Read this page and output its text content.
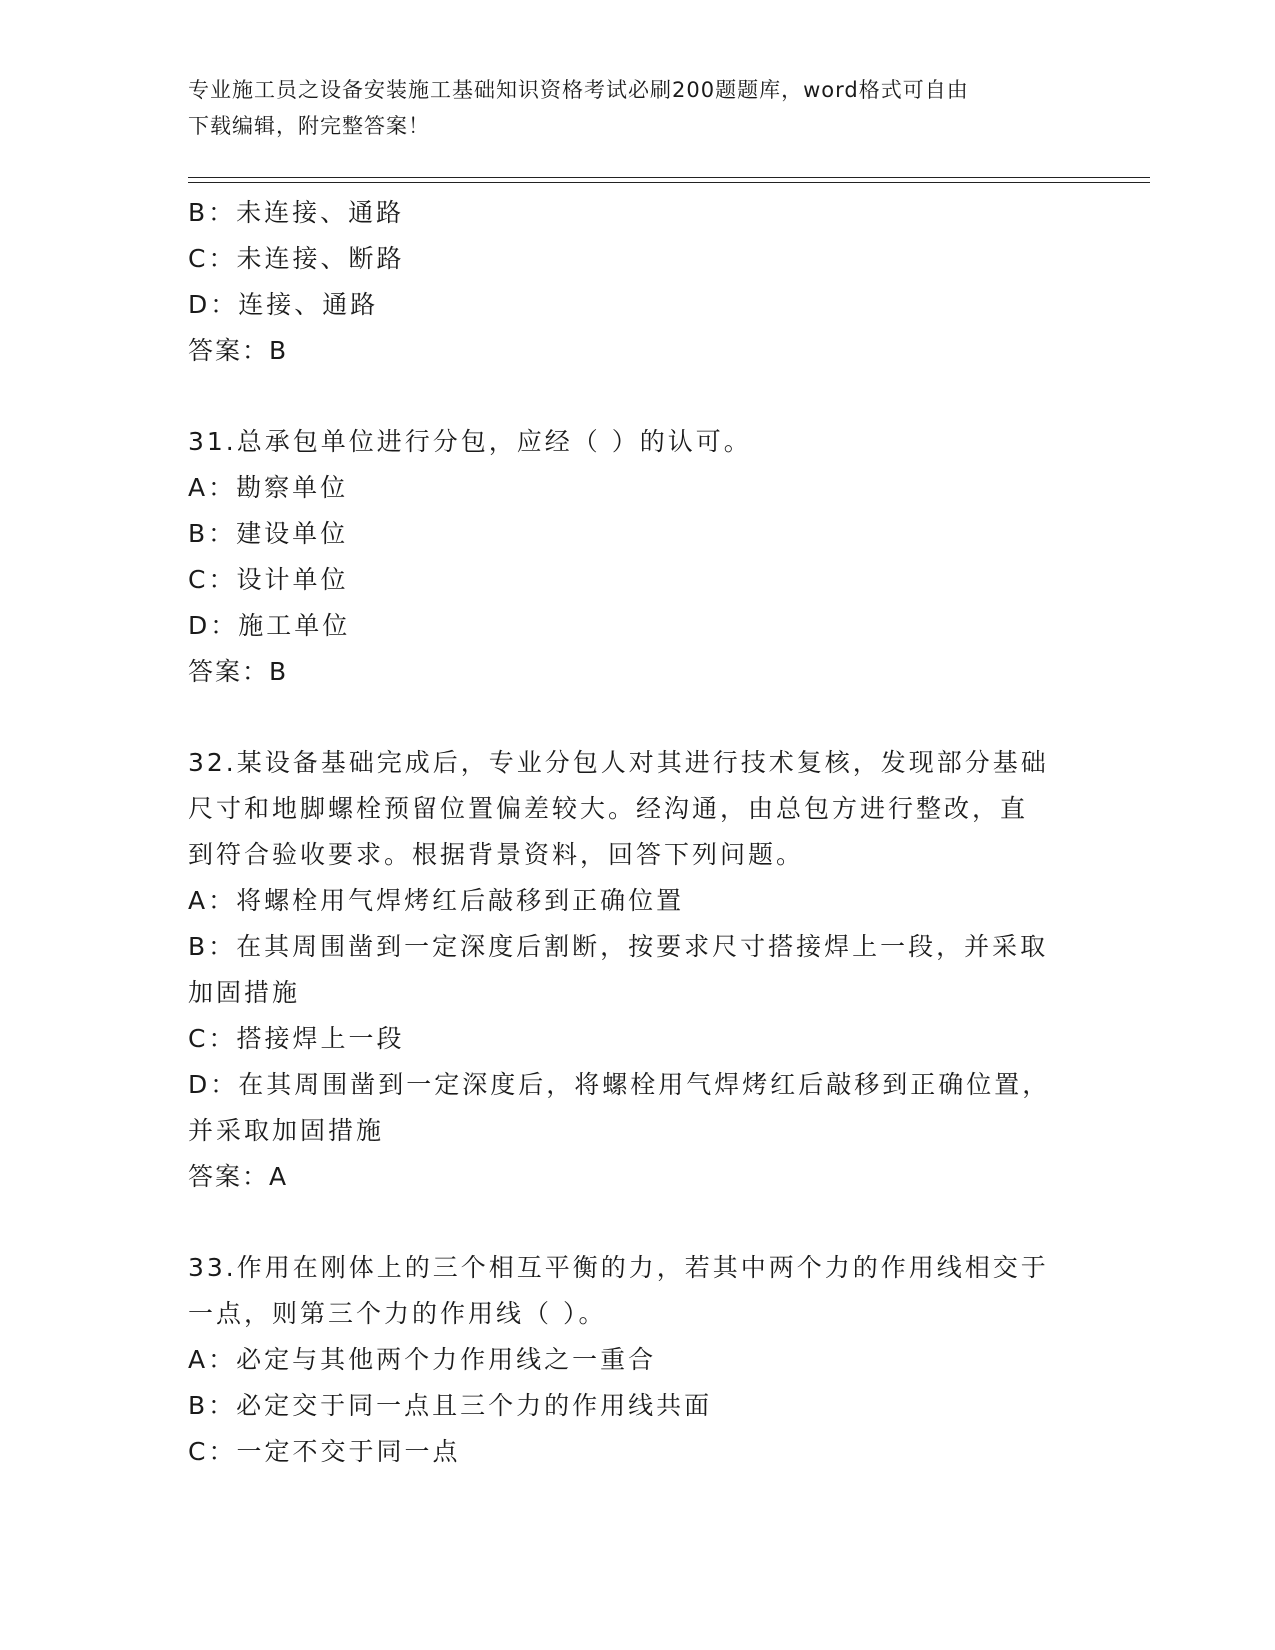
专业施工员之设备安装施工基础知识资格考试必刷200题题库，word格式可自由
下载编辑，附完整答案！
B：未连接、通路
C：未连接、断路
D：连接、通路
答案：B
31.总承包单位进行分包，应经（ ）的认可。
A：勘察单位
B：建设单位
C：设计单位
D：施工单位
答案：B
32.某设备基础完成后，专业分包人对其进行技术复核，发现部分基础
尺寸和地脚螺栓预留位置偏差较大。经沟通，由总包方进行整改，直
到符合验收要求。根据背景资料，回答下列问题。
A：将螺栓用气焊烤红后敲移到正确位置
B：在其周围凿到一定深度后割断，按要求尺寸搭接焊上一段，并采取
加固措施
C：搭接焊上一段
D：在其周围凿到一定深度后，将螺栓用气焊烤红后敲移到正确位置，
并采取加固措施
答案：A
33.作用在刚体上的三个相互平衡的力，若其中两个力的作用线相交于
一点，则第三个力的作用线（ ）。
A：必定与其他两个力作用线之一重合
B：必定交于同一点且三个力的作用线共面
C：一定不交于同一点
